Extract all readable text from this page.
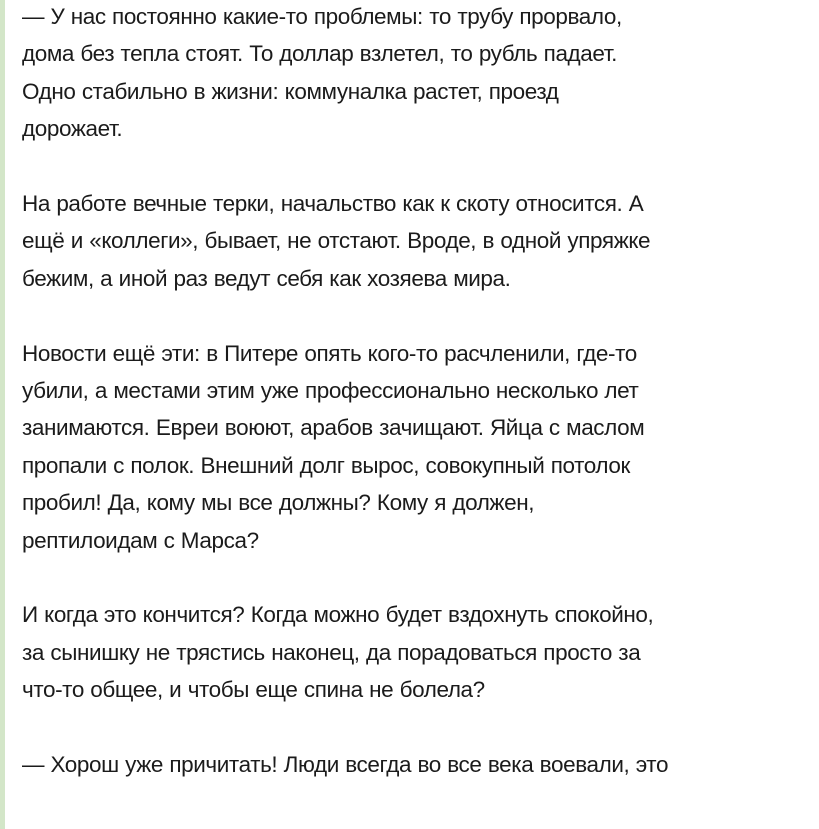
— У нас постоянно какие-то проблемы: то трубу прорвало,
дома без тепла стоят. То доллар взлетел, то рубль падает.
Одно стабильно в жизни: коммуналка растет, проезд
дорожает.

На работе вечные терки, начальство как к скоту относится. А
ещё и «коллеги», бывает, не отстают. Вроде, в одной упряжке
бежим, а иной раз ведут себя как хозяева мира.

Новости ещё эти: в Питере опять кого-то расчленили, где-то
убили, а местами этим уже профессионально несколько лет
занимаются. Евреи воюют, арабов зачищают. Яйца с маслом
пропали с полок. Внешний долг вырос, совокупный потолок
пробил! Да, кому мы все должны? Кому я должен,
рептилоидам с Марса?

И когда это кончится? Когда можно будет вздохнуть спокойно,
за сынишку не трястись наконец, да порадоваться просто за
что-то общее, и чтобы еще спина не болела?

— Хорош уже причитать! Люди всегда во все века воевали, это
